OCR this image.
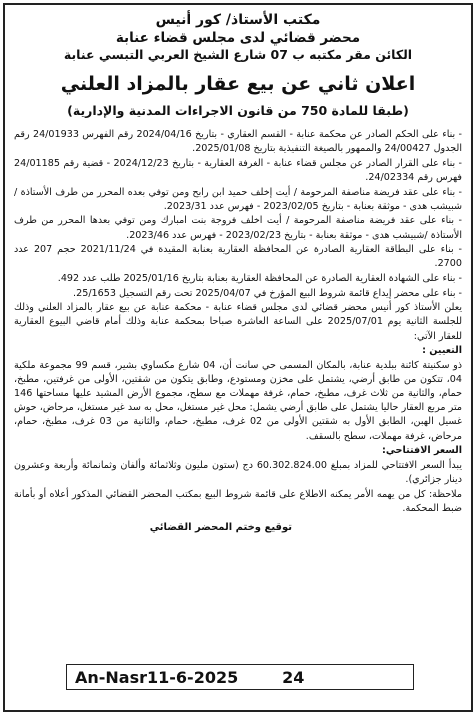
مكتب الأستاذ/ كور أنيس
محضر قضائي لدى مجلس قضاء عنابة
الكائن مقر مكتبه ب 07 شارع الشيخ العربي التبسي عنابة
اعلان ثاني عن بيع عقار بالمزاد العلني
(طبقا للمادة 750 من قانون الاجراءات المدنية والإدارية)

- بناء على الحكم الصادر عن محكمة عنابة - القسم العقاري - بتاريخ 2024/04/16 رقم الفهرس 24/01933 رقم الجدول 24/00427 والممهور بالصيغة التنفيذية بتاريخ 2025/01/08.

- بناء على القرار الصادر عن مجلس قضاء عنابة - الغرفة العقارية - بتاريخ 2024/12/23 - قضية رقم 24/01185 فهرس رقم 24/02334.

- بناء على عقد فريضة مناصفة المرحومة / أيت إخلف حميد ابن رابح ومن توفي بعده المحرر من طرف الأستاذة /شبيشب هدى - موثقة بعنابة - بتاريخ 2023/02/05 - فهرس عدد 2023/31.

- بناء على عقد فريضة مناصفة المرحومة / أيت اخلف فروجة بنت امبارك ومن توفي بعدها المحرر من طرف الأستاذة /شبيشب هدى - موثقة بعنابة - بتاريخ 2023/02/23 - فهرس عدد 2023/46.

- بناء على البطاقة العقارية الصادرة عن المحافظة العقارية بعنابة المقيدة في 2021/11/24 حجم 207 عدد 2700.

- بناء على الشهادة العقارية الصادرة عن المحافظة العقارية بعنابة بتاريخ 2025/01/16 طلب عدد 492.

- بناء على محضر إيداع قائمة شروط البيع المؤرخ في 2025/04/07 تحت رقم التسجيل 25/1653.

يعلن الأستاذ كور أنيس محضر قضائي لدى مجلس قضاء عنابة - محكمة عنابة عن بيع عقار بالمزاد العلني وذلك للجلسة الثانية يوم 2025/07/01 على الساعة العاشرة صباحا بمحكمة عنابة وذلك أمام قاضي البيوع العقارية للعقار الآتي:

التعيين :

ذو سكنيتة كائنة ببلدية عنابة، بالمكان المسمى حي سانت أن، 04 شارع مكساوي بشير، قسم 99 مجموعة ملكية 04، تتكون من طابق أرضي، يشتمل على مخزن ومستودع، وطابق يتكون من شقتين، الأولى من غرفتين، مطبخ، حمام، والثانية من ثلاث غرف، مطبخ، حمام، غرفة مهملات مع سطح، مجموع الأرض المشيد عليها مساحتها 146 متر مربع العقار حاليا يشتمل على طابق أرضي يشمل: محل غير مستغل، محل به سد غير مستغل، مرحاض، حوش غسيل الهبن، الطابق الأول به شقتين الأولى من 02 غرف، مطبخ، حمام، والثانية من 03 غرف، مطبخ، حمام، مرحاض، غرفة مهملات، سطح بالسقف.

السعر الافتتاحي:

يبدأ السعر الافتتاحي للمزاد بمبلغ 60.302.824.00 دج (ستون مليون وثلاثمائة وألفان وثمانمائة وأربعة وعشرون دينار جزائري).

ملاحظة: كل من يهمه الأمر يمكنه الاطلاع على قائمة شروط البيع بمكتب المحضر القضائي المذكور أعلاه أو بأمانة ضبط المحكمة.

توقيع وختم المحضر القضائي
An-Nasr11-6-2025	24
